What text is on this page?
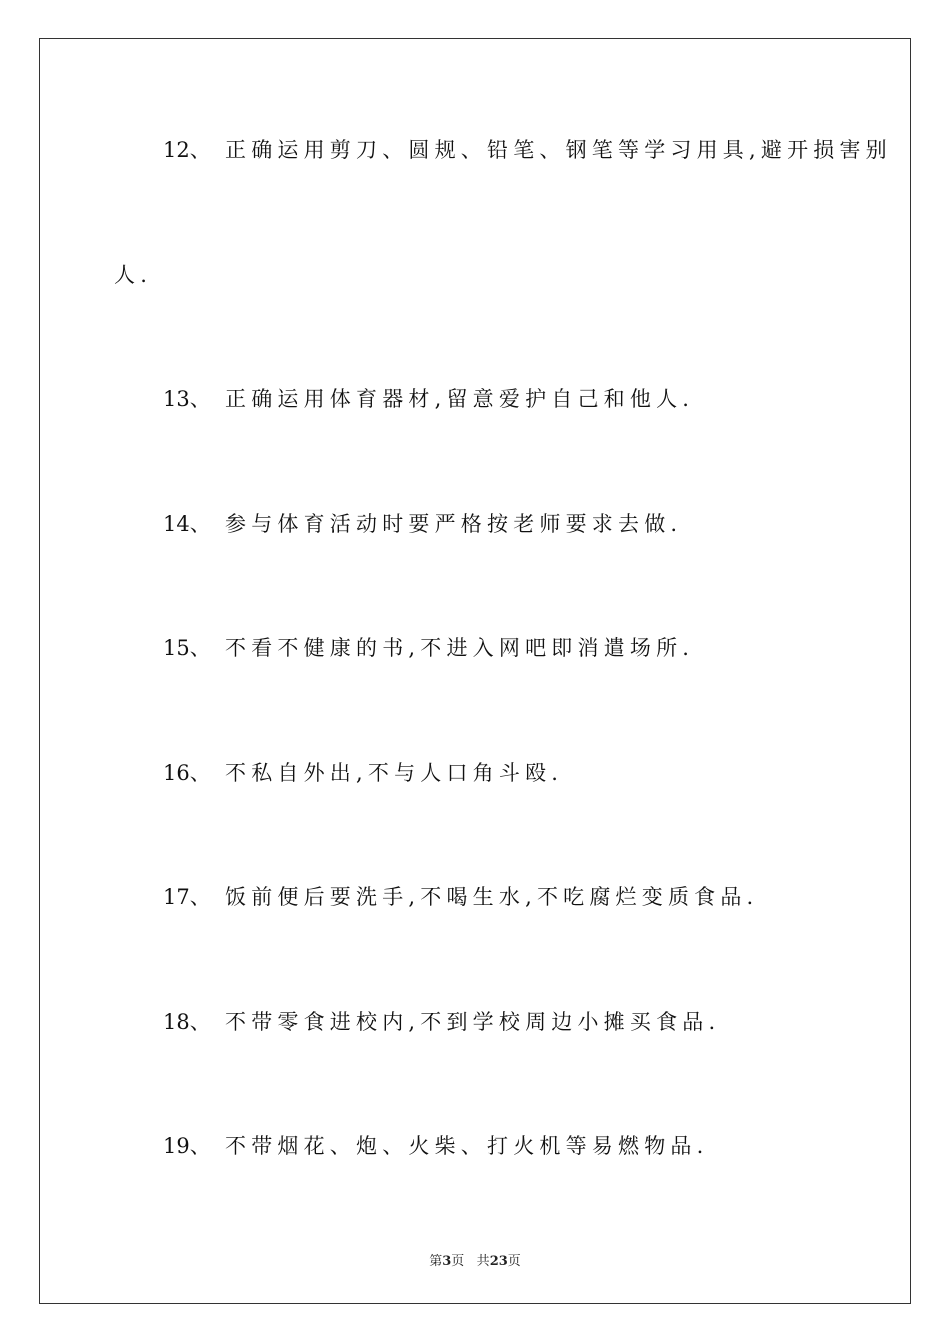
12、 正确运用剪刀、圆规、铅笔、钢笔等学习用具,避开损害别
人.
13、 正确运用体育器材,留意爱护自己和他人.
14、 参与体育活动时要严格按老师要求去做.
15、 不看不健康的书,不进入网吧即消遣场所.
16、 不私自外出,不与人口角斗殴.
17、 饭前便后要洗手,不喝生水,不吃腐烂变质食品.
18、 不带零食进校内,不到学校周边小摊买食品.
19、 不带烟花、炮、火柴、打火机等易燃物品.
第3页 共23页
